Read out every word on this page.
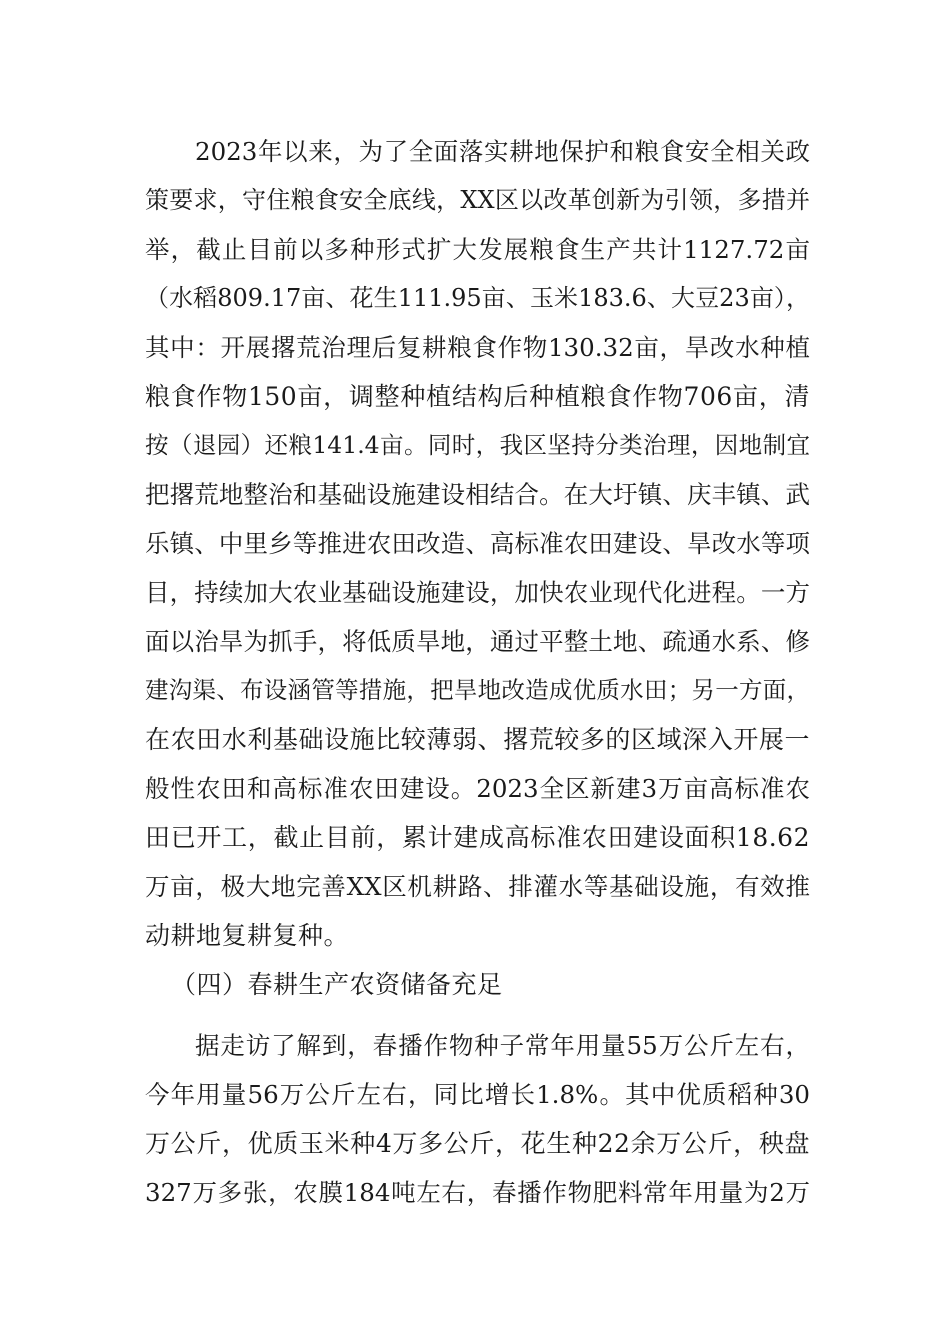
2023年以来，为了全面落实耕地保护和粮食安全相关政
策要求，守住粮食安全底线，XX区以改革创新为引领，多措并
举，截止目前以多种形式扩大发展粮食生产共计1127.72亩
（水稻809.17亩、花生111.95亩、玉米183.6、大豆23亩），
其中：开展撂荒治理后复耕粮食作物130.32亩，旱改水种植
粮食作物150亩，调整种植结构后种植粮食作物706亩，清
按（退园）还粮141.4亩。同时，我区坚持分类治理，因地制宜
把撂荒地整治和基础设施建设相结合。在大圩镇、庆丰镇、武
乐镇、中里乡等推进农田改造、高标准农田建设、旱改水等项
目，持续加大农业基础设施建设，加快农业现代化进程。一方
面以治旱为抓手，将低质旱地，通过平整土地、疏通水系、修
建沟渠、布设涵管等措施，把旱地改造成优质水田；另一方面，
在农田水利基础设施比较薄弱、撂荒较多的区域深入开展一
般性农田和高标准农田建设。2023全区新建3万亩高标准农
田已开工，截止目前，累计建成高标准农田建设面积18.62
万亩，极大地完善XX区机耕路、排灌水等基础设施，有效推
动耕地复耕复种。
（四）春耕生产农资储备充足
据走访了解到，春播作物种子常年用量55万公斤左右，
今年用量56万公斤左右，同比增长1.8%。其中优质稻种30
万公斤，优质玉米种4万多公斤，花生种22余万公斤，秧盘
327万多张，农膜184吨左右，春播作物肥料常年用量为2万
